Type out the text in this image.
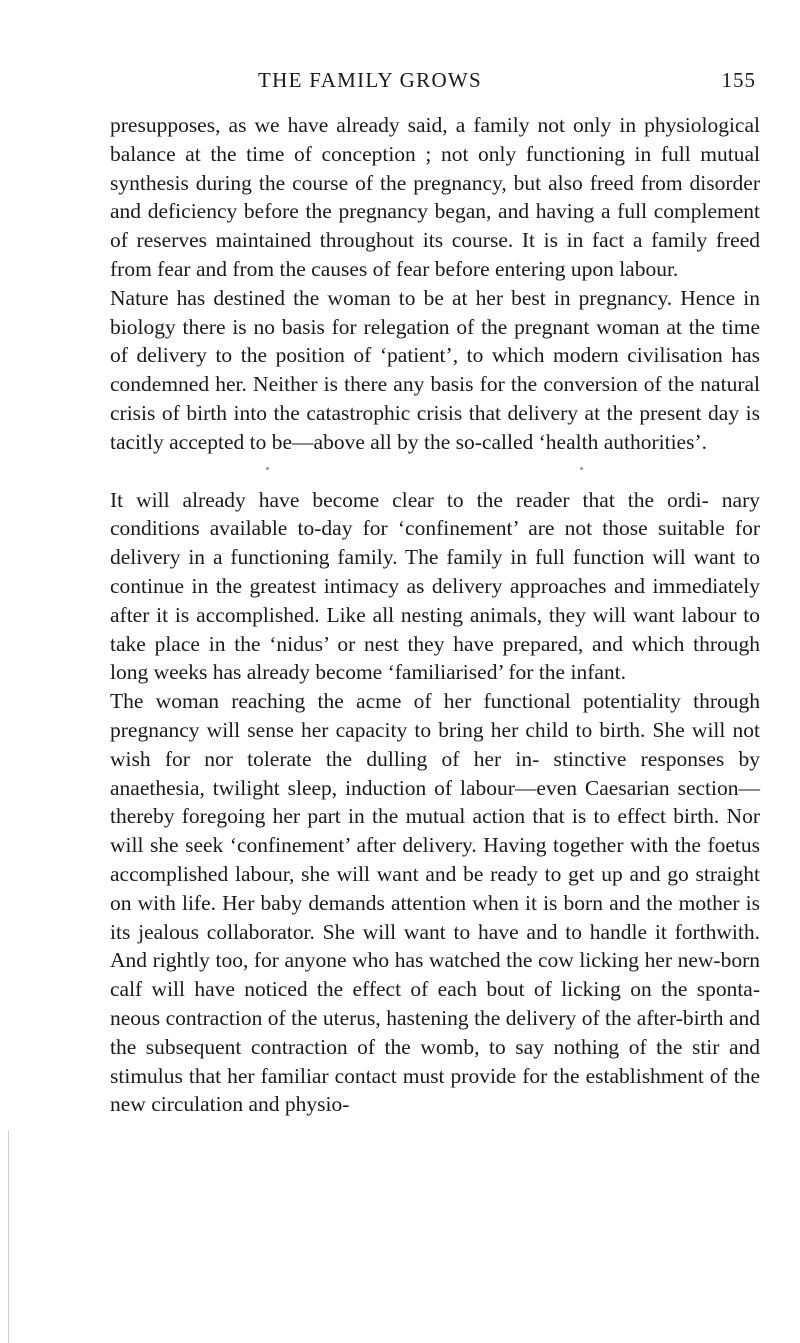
THE FAMILY GROWS	155

presupposes, as we have already said, a family not only in physiological balance at the time of conception ; not only functioning in full mutual synthesis during the course of the pregnancy, but also freed from disorder and deficiency before the pregnancy began, and having a full complement of reserves maintained throughout its course. It is in fact a family freed from fear and from the causes of fear before entering upon labour.

Nature has destined the woman to be at her best in pregnancy. Hence in biology there is no basis for relegation of the pregnant woman at the time of delivery to the position of ‘patient’, to which modern civilisation has condemned her. Neither is there any basis for the conversion of the natural crisis of birth into the catastrophic crisis that delivery at the present day is tacitly accepted to be—above all by the so-called ‘health authorities’.

It will already have become clear to the reader that the ordi- nary conditions available to-day for ‘confinement’ are not those suitable for delivery in a functioning family. The family in full function will want to continue in the greatest intimacy as delivery approaches and immediately after it is accomplished. Like all nesting animals, they will want labour to take place in the ‘nidus’ or nest they have prepared, and which through long weeks has already become ‘familiarised’ for the infant.

The woman reaching the acme of her functional potentiality through pregnancy will sense her capacity to bring her child to birth. She will not wish for nor tolerate the dulling of her in- stinctive responses by anaethesia, twilight sleep, induction of labour—even Caesarian section—thereby foregoing her part in the mutual action that is to effect birth. Nor will she seek ‘confinement’ after delivery. Having together with the foetus accomplished labour, she will want and be ready to get up and go straight on with life. Her baby demands attention when it is born and the mother is its jealous collaborator. She will want to have and to handle it forthwith. And rightly too, for anyone who has watched the cow licking her new-born calf will have noticed the effect of each bout of licking on the sponta- neous contraction of the uterus, hastening the delivery of the after-birth and the subsequent contraction of the womb, to say nothing of the stir and stimulus that her familiar contact must provide for the establishment of the new circulation and physio-
